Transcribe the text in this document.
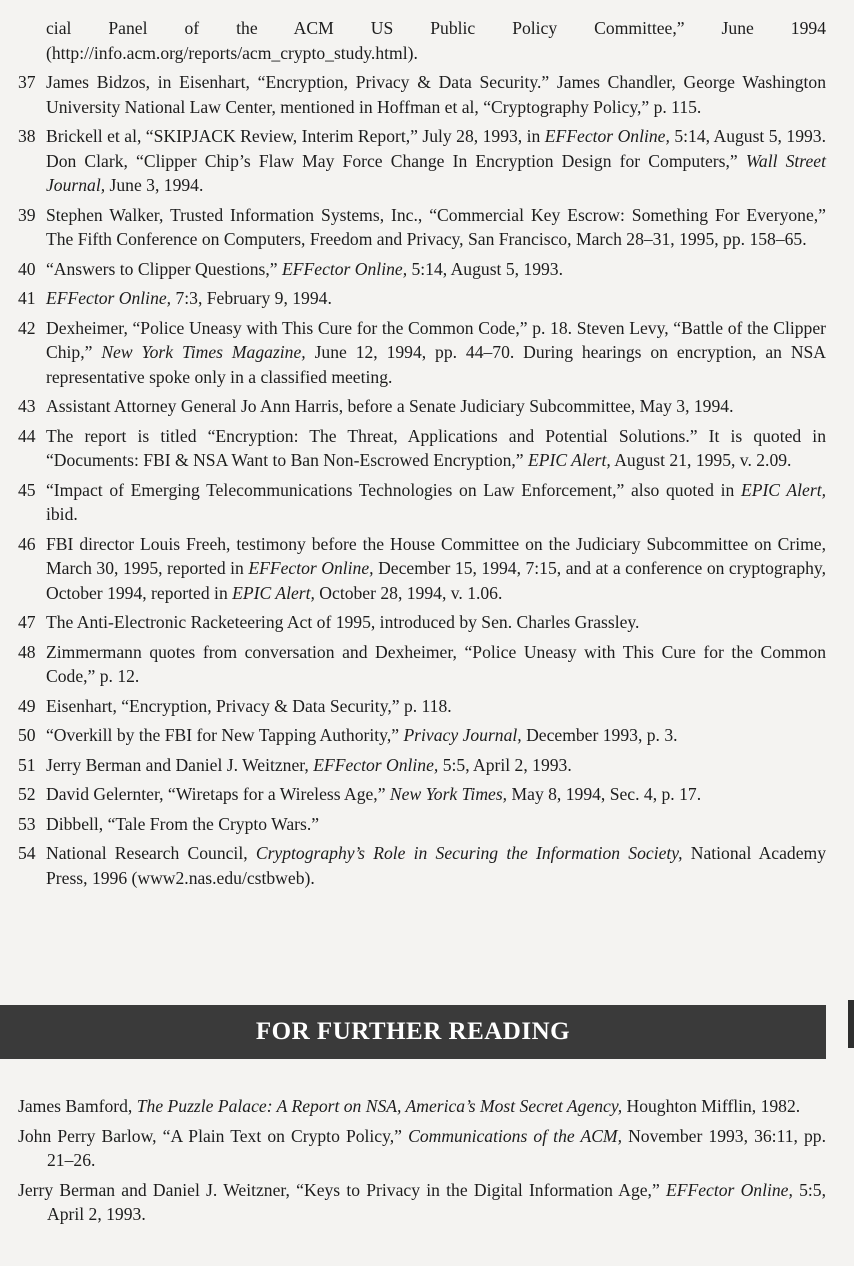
cial Panel of the ACM US Public Policy Committee,” June 1994 (http://info.acm.org/reports/acm_crypto_study.html).

37 James Bidzos, in Eisenhart, “Encryption, Privacy & Data Security.” James Chandler, George Washington University National Law Center, mentioned in Hoffman et al, “Cryptography Policy,” p. 115.

38 Brickell et al, “SKIPJACK Review, Interim Report,” July 28, 1993, in EFFector Online, 5:14, August 5, 1993. Don Clark, “Clipper Chip’s Flaw May Force Change In Encryption Design for Computers,” Wall Street Journal, June 3, 1994.

39 Stephen Walker, Trusted Information Systems, Inc., “Commercial Key Escrow: Something For Everyone,” The Fifth Conference on Computers, Freedom and Privacy, San Francisco, March 28–31, 1995, pp. 158–65.

40 “Answers to Clipper Questions,” EFFector Online, 5:14, August 5, 1993.

41 EFFector Online, 7:3, February 9, 1994.

42 Dexheimer, “Police Uneasy with This Cure for the Common Code,” p. 18. Steven Levy, “Battle of the Clipper Chip,” New York Times Magazine, June 12, 1994, pp. 44–70. During hearings on encryption, an NSA representative spoke only in a classified meeting.

43 Assistant Attorney General Jo Ann Harris, before a Senate Judiciary Subcommittee, May 3, 1994.

44 The report is titled “Encryption: The Threat, Applications and Potential Solutions.” It is quoted in “Documents: FBI & NSA Want to Ban Non-Escrowed Encryption,” EPIC Alert, August 21, 1995, v. 2.09.

45 “Impact of Emerging Telecommunications Technologies on Law Enforcement,” also quoted in EPIC Alert, ibid.

46 FBI director Louis Freeh, testimony before the House Committee on the Judiciary Subcommittee on Crime, March 30, 1995, reported in EFFector Online, December 15, 1994, 7:15, and at a conference on cryptography, October 1994, reported in EPIC Alert, October 28, 1994, v. 1.06.

47 The Anti-Electronic Racketeering Act of 1995, introduced by Sen. Charles Grassley.

48 Zimmermann quotes from conversation and Dexheimer, “Police Uneasy with This Cure for the Common Code,” p. 12.

49 Eisenhart, “Encryption, Privacy & Data Security,” p. 118.

50 “Overkill by the FBI for New Tapping Authority,” Privacy Journal, December 1993, p. 3.

51 Jerry Berman and Daniel J. Weitzner, EFFector Online, 5:5, April 2, 1993.

52 David Gelernter, “Wiretaps for a Wireless Age,” New York Times, May 8, 1994, Sec. 4, p. 17.

53 Dibbell, “Tale From the Crypto Wars.”

54 National Research Council, Cryptography’s Role in Securing the Information Society, National Academy Press, 1996 (www2.nas.edu/cstbweb).

FOR FURTHER READING

James Bamford, The Puzzle Palace: A Report on NSA, America’s Most Secret Agency, Houghton Mifflin, 1982.

John Perry Barlow, “A Plain Text on Crypto Policy,” Communications of the ACM, November 1993, 36:11, pp. 21–26.

Jerry Berman and Daniel J. Weitzner, “Keys to Privacy in the Digital Information Age,” EFFector Online, 5:5, April 2, 1993.
